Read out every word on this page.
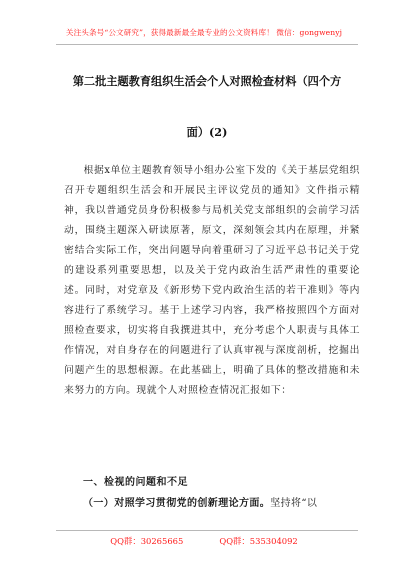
关注头条号“公文研究”，获得最新最全最专业的公文资料库！ 微信：gongwenyj
第二批主题教育组织生活会个人对照检查材料（四个方
面）(2)

根据x单位主题教育领导小组办公室下发的《关于基层党组织召开专题组织生活会和开展民主评议党员的通知》文件指示精神，我以普通党员身份积极参与局机关党支部组织的会前学习活动，围绕主题深入研读原著，原文，深刻领会其内在原理，并紧密结合实际工作，突出问题导向着重研习了习近平总书记关于党的建设系列重要思想，以及关于党内政治生活严肃性的重要论述。同时，对党章及《新形势下党内政治生活的若干准则》等内容进行了系统学习。基于上述学习内容，我严格按照四个方面对照检查要求，切实将自我撰进其中，充分考虑个人职责与具体工作情况，对自身存在的问题进行了认真审视与深度剖析，挖掘出问题产生的思想根源。在此基础上，明确了具体的整改措施和未来努力的方向。现就个人对照检查情况汇报如下：

一、检视的问题和不足
（一）对照学习贯彻党的创新理论方面。坚持将“以
QQ群：30265665	QQ群：535304092
